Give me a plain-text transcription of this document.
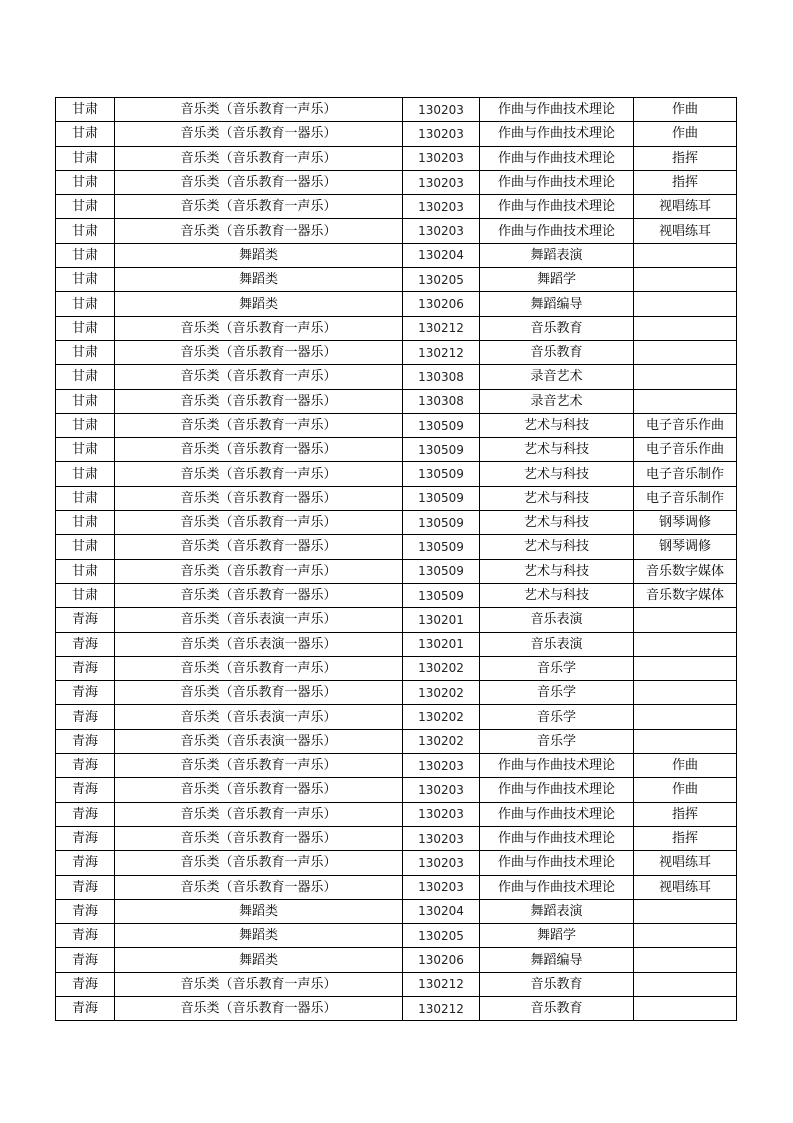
甘肃	音乐类（音乐教育一声乐）	130203	作曲与作曲技术理论	作曲
甘肃	音乐类（音乐教育一器乐）	130203	作曲与作曲技术理论	作曲
甘肃	音乐类（音乐教育一声乐）	130203	作曲与作曲技术理论	指挥
甘肃	音乐类（音乐教育一器乐）	130203	作曲与作曲技术理论	指挥
甘肃	音乐类（音乐教育一声乐）	130203	作曲与作曲技术理论	视唱练耳
甘肃	音乐类（音乐教育一器乐）	130203	作曲与作曲技术理论	视唱练耳
甘肃	舞蹈类	130204	舞蹈表演	
甘肃	舞蹈类	130205	舞蹈学	
甘肃	舞蹈类	130206	舞蹈编导	
甘肃	音乐类（音乐教育一声乐）	130212	音乐教育	
甘肃	音乐类（音乐教育一器乐）	130212	音乐教育	
甘肃	音乐类（音乐教育一声乐）	130308	录音艺术	
甘肃	音乐类（音乐教育一器乐）	130308	录音艺术	
甘肃	音乐类（音乐教育一声乐）	130509	艺术与科技	电子音乐作曲
甘肃	音乐类（音乐教育一器乐）	130509	艺术与科技	电子音乐作曲
甘肃	音乐类（音乐教育一声乐）	130509	艺术与科技	电子音乐制作
甘肃	音乐类（音乐教育一器乐）	130509	艺术与科技	电子音乐制作
甘肃	音乐类（音乐教育一声乐）	130509	艺术与科技	钢琴调修
甘肃	音乐类（音乐教育一器乐）	130509	艺术与科技	钢琴调修
甘肃	音乐类（音乐教育一声乐）	130509	艺术与科技	音乐数字媒体
甘肃	音乐类（音乐教育一器乐）	130509	艺术与科技	音乐数字媒体
青海	音乐类（音乐表演一声乐）	130201	音乐表演	
青海	音乐类（音乐表演一器乐）	130201	音乐表演	
青海	音乐类（音乐教育一声乐）	130202	音乐学	
青海	音乐类（音乐教育一器乐）	130202	音乐学	
青海	音乐类（音乐表演一声乐）	130202	音乐学	
青海	音乐类（音乐表演一器乐）	130202	音乐学	
青海	音乐类（音乐教育一声乐）	130203	作曲与作曲技术理论	作曲
青海	音乐类（音乐教育一器乐）	130203	作曲与作曲技术理论	作曲
青海	音乐类（音乐教育一声乐）	130203	作曲与作曲技术理论	指挥
青海	音乐类（音乐教育一器乐）	130203	作曲与作曲技术理论	指挥
青海	音乐类（音乐教育一声乐）	130203	作曲与作曲技术理论	视唱练耳
青海	音乐类（音乐教育一器乐）	130203	作曲与作曲技术理论	视唱练耳
青海	舞蹈类	130204	舞蹈表演	
青海	舞蹈类	130205	舞蹈学	
青海	舞蹈类	130206	舞蹈编导	
青海	音乐类（音乐教育一声乐）	130212	音乐教育	
青海	音乐类（音乐教育一器乐）	130212	音乐教育	
